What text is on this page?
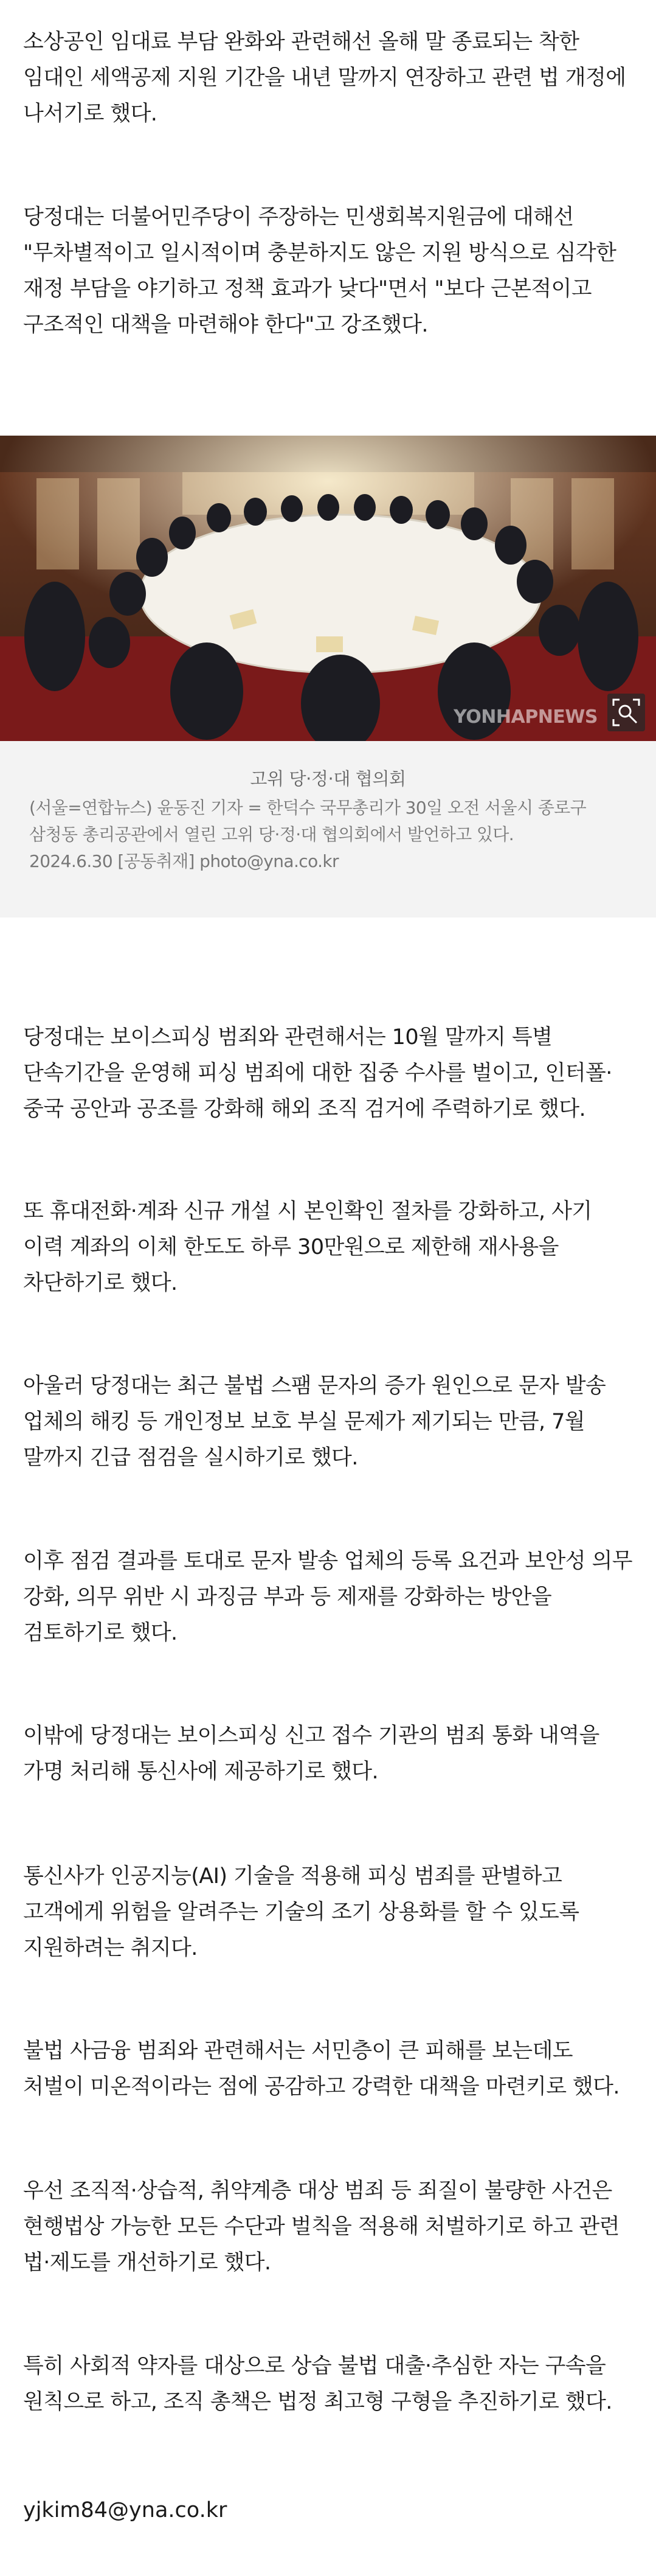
소상공인 임대료 부담 완화와 관련해선 올해 말 종료되는 착한 임대인 세액공제 지원 기간을 내년 말까지 연장하고 관련 법 개정에 나서기로 했다.

당정대는 더불어민주당이 주장하는 민생회복지원금에 대해선 "무차별적이고 일시적이며 충분하지도 않은 지원 방식으로 심각한 재정 부담을 야기하고 정책 효과가 낮다"면서 "보다 근본적이고 구조적인 대책을 마련해야 한다"고 강조했다.

YONHAPNEWS
고위 당·정·대 협의회
(서울=연합뉴스) 윤동진 기자 = 한덕수 국무총리가 30일 오전 서울시 종로구 삼청동 총리공관에서 열린 고위 당·정·대 협의회에서 발언하고 있다.
2024.6.30 [공동취재] photo@yna.co.kr

당정대는 보이스피싱 범죄와 관련해서는 10월 말까지 특별 단속기간을 운영해 피싱 범죄에 대한 집중 수사를 벌이고, 인터폴·중국 공안과 공조를 강화해 해외 조직 검거에 주력하기로 했다.

또 휴대전화·계좌 신규 개설 시 본인확인 절차를 강화하고, 사기 이력 계좌의 이체 한도도 하루 30만원으로 제한해 재사용을 차단하기로 했다.

아울러 당정대는 최근 불법 스팸 문자의 증가 원인으로 문자 발송 업체의 해킹 등 개인정보 보호 부실 문제가 제기되는 만큼, 7월 말까지 긴급 점검을 실시하기로 했다.

이후 점검 결과를 토대로 문자 발송 업체의 등록 요건과 보안성 의무 강화, 의무 위반 시 과징금 부과 등 제재를 강화하는 방안을 검토하기로 했다.

이밖에 당정대는 보이스피싱 신고 접수 기관의 범죄 통화 내역을 가명 처리해 통신사에 제공하기로 했다.

통신사가 인공지능(AI) 기술을 적용해 피싱 범죄를 판별하고 고객에게 위험을 알려주는 기술의 조기 상용화를 할 수 있도록 지원하려는 취지다.

불법 사금융 범죄와 관련해서는 서민층이 큰 피해를 보는데도 처벌이 미온적이라는 점에 공감하고 강력한 대책을 마련키로 했다.

우선 조직적·상습적, 취약계층 대상 범죄 등 죄질이 불량한 사건은 현행법상 가능한 모든 수단과 벌칙을 적용해 처벌하기로 하고 관련 법·제도를 개선하기로 했다.

특히 사회적 약자를 대상으로 상습 불법 대출·추심한 자는 구속을 원칙으로 하고, 조직 총책은 법정 최고형 구형을 추진하기로 했다.

yjkim84@yna.co.kr
